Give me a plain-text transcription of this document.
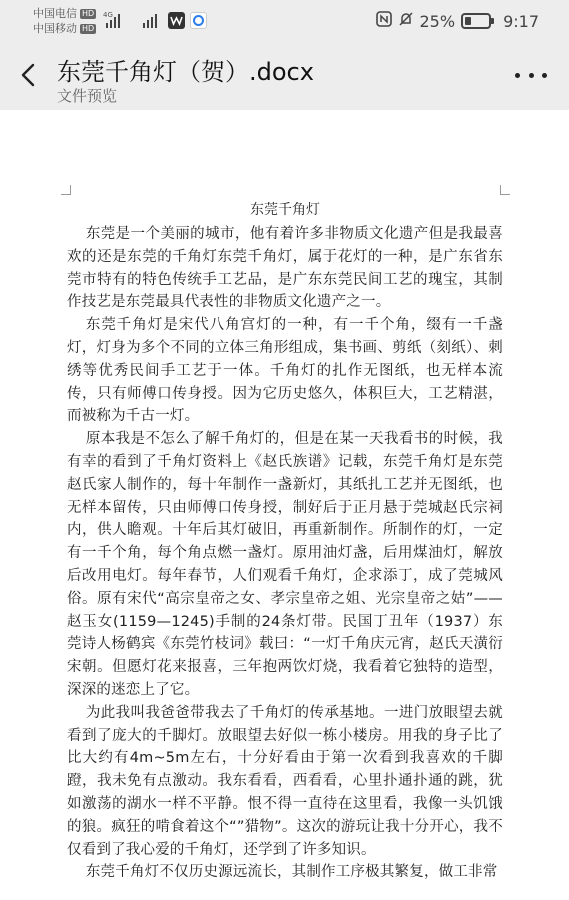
中国电信 HD
中国移动 HD
4G	25%	9:17
东莞千角灯（贺）.docx
文件预览
东莞千角灯

东莞是一个美丽的城市，他有着许多非物质文化遗产但是我最喜欢的还是东莞的千角灯东莞千角灯，属于花灯的一种，是广东省东莞市特有的特色传统手工艺品，是广东东莞民间工艺的瑰宝，其制作技艺是东莞最具代表性的非物质文化遗产之一。

东莞千角灯是宋代八角宫灯的一种，有一千个角，缀有一千盏灯，灯身为多个不同的立体三角形组成，集书画、剪纸（刻纸）、刺绣等优秀民间手工艺于一体。千角灯的扎作无图纸，也无样本流传，只有师傅口传身授。因为它历史悠久，体积巨大，工艺精湛，而被称为千古一灯。

原本我是不怎么了解千角灯的，但是在某一天我看书的时候，我有幸的看到了千角灯资料上《赵氏族谱》记载，东莞千角灯是东莞赵氏家人制作的，每十年制作一盏新灯，其纸扎工艺并无图纸，也无样本留传，只由师傅口传身授，制好后于正月悬于莞城赵氏宗祠内，供人瞻观。十年后其灯破旧，再重新制作。所制作的灯，一定有一千个角，每个角点燃一盏灯。原用油灯盏，后用煤油灯，解放后改用电灯。每年春节，人们观看千角灯，企求添丁，成了莞城风俗。原有宋代“高宗皇帝之女、孝宗皇帝之姐、光宗皇帝之姑”——赵玉女(1159—1245)手制的24条灯带。民国丁丑年（1937）东莞诗人杨鹤宾《东莞竹枝词》载曰：“一灯千角庆元宵，赵氏天潢衍宋朝。但愿灯花来报喜，三年抱两饮灯烧，我看着它独特的造型，深深的迷恋上了它。

为此我叫我爸爸带我去了千角灯的传承基地。一进门放眼望去就看到了庞大的千脚灯。放眼望去好似一栋小楼房。用我的身子比了比大约有4m~5m左右，十分好看由于第一次看到我喜欢的千脚蹬，我未免有点激动。我东看看，西看看，心里扑通扑通的跳，犹如激荡的湖水一样不平静。恨不得一直待在这里看，我像一头饥饿的狼。疯狂的啃食着这个“”猎物”。这次的游玩让我十分开心，我不仅看到了我心爱的千角灯，还学到了许多知识。

东莞千角灯不仅历史源远流长，其制作工序极其繁复，做工非常
